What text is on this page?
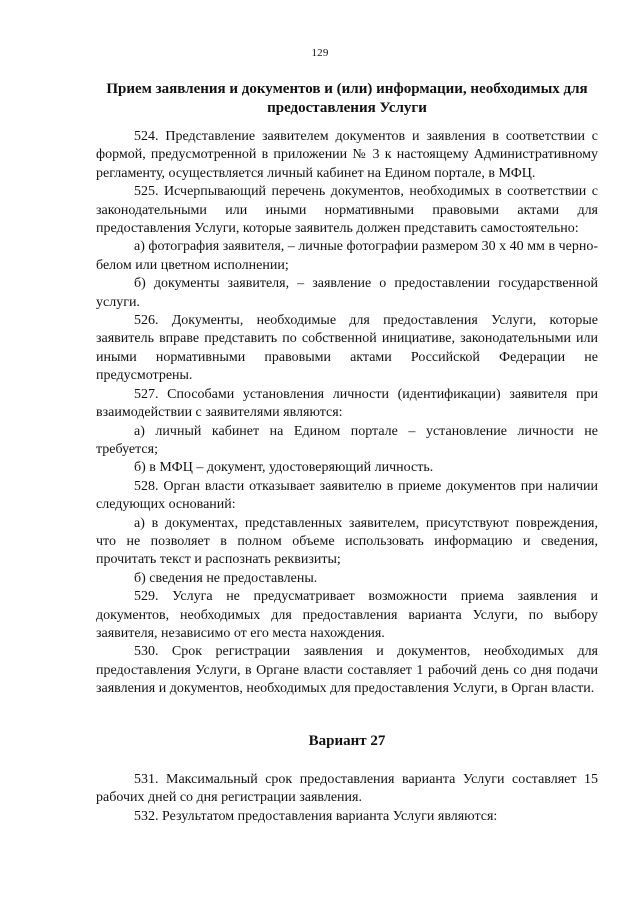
129
Прием заявления и документов и (или) информации, необходимых для предоставления Услуги

524. Представление заявителем документов и заявления в соответствии с формой, предусмотренной в приложении № 3 к настоящему Административному регламенту, осуществляется личный кабинет на Едином портале, в МФЦ.

525. Исчерпывающий перечень документов, необходимых в соответствии с законодательными или иными нормативными правовыми актами для предоставления Услуги, которые заявитель должен представить самостоятельно:

а) фотография заявителя, – личные фотографии размером 30 х 40 мм в черно-белом или цветном исполнении;

б) документы заявителя, – заявление о предоставлении государственной услуги.

526. Документы, необходимые для предоставления Услуги, которые заявитель вправе представить по собственной инициативе, законодательными или иными нормативными правовыми актами Российской Федерации не предусмотрены.

527. Способами установления личности (идентификации) заявителя при взаимодействии с заявителями являются:

а) личный кабинет на Едином портале – установление личности не требуется;

б) в МФЦ – документ, удостоверяющий личность.

528. Орган власти отказывает заявителю в приеме документов при наличии следующих оснований:

а) в документах, представленных заявителем, присутствуют повреждения, что не позволяет в полном объеме использовать информацию и сведения, прочитать текст и распознать реквизиты;

б) сведения не предоставлены.

529. Услуга не предусматривает возможности приема заявления и документов, необходимых для предоставления варианта Услуги, по выбору заявителя, независимо от его места нахождения.

530. Срок регистрации заявления и документов, необходимых для предоставления Услуги, в Органе власти составляет 1 рабочий день со дня подачи заявления и документов, необходимых для предоставления Услуги, в Орган власти.

Вариант 27

531. Максимальный срок предоставления варианта Услуги составляет 15 рабочих дней со дня регистрации заявления.

532. Результатом предоставления варианта Услуги являются:
